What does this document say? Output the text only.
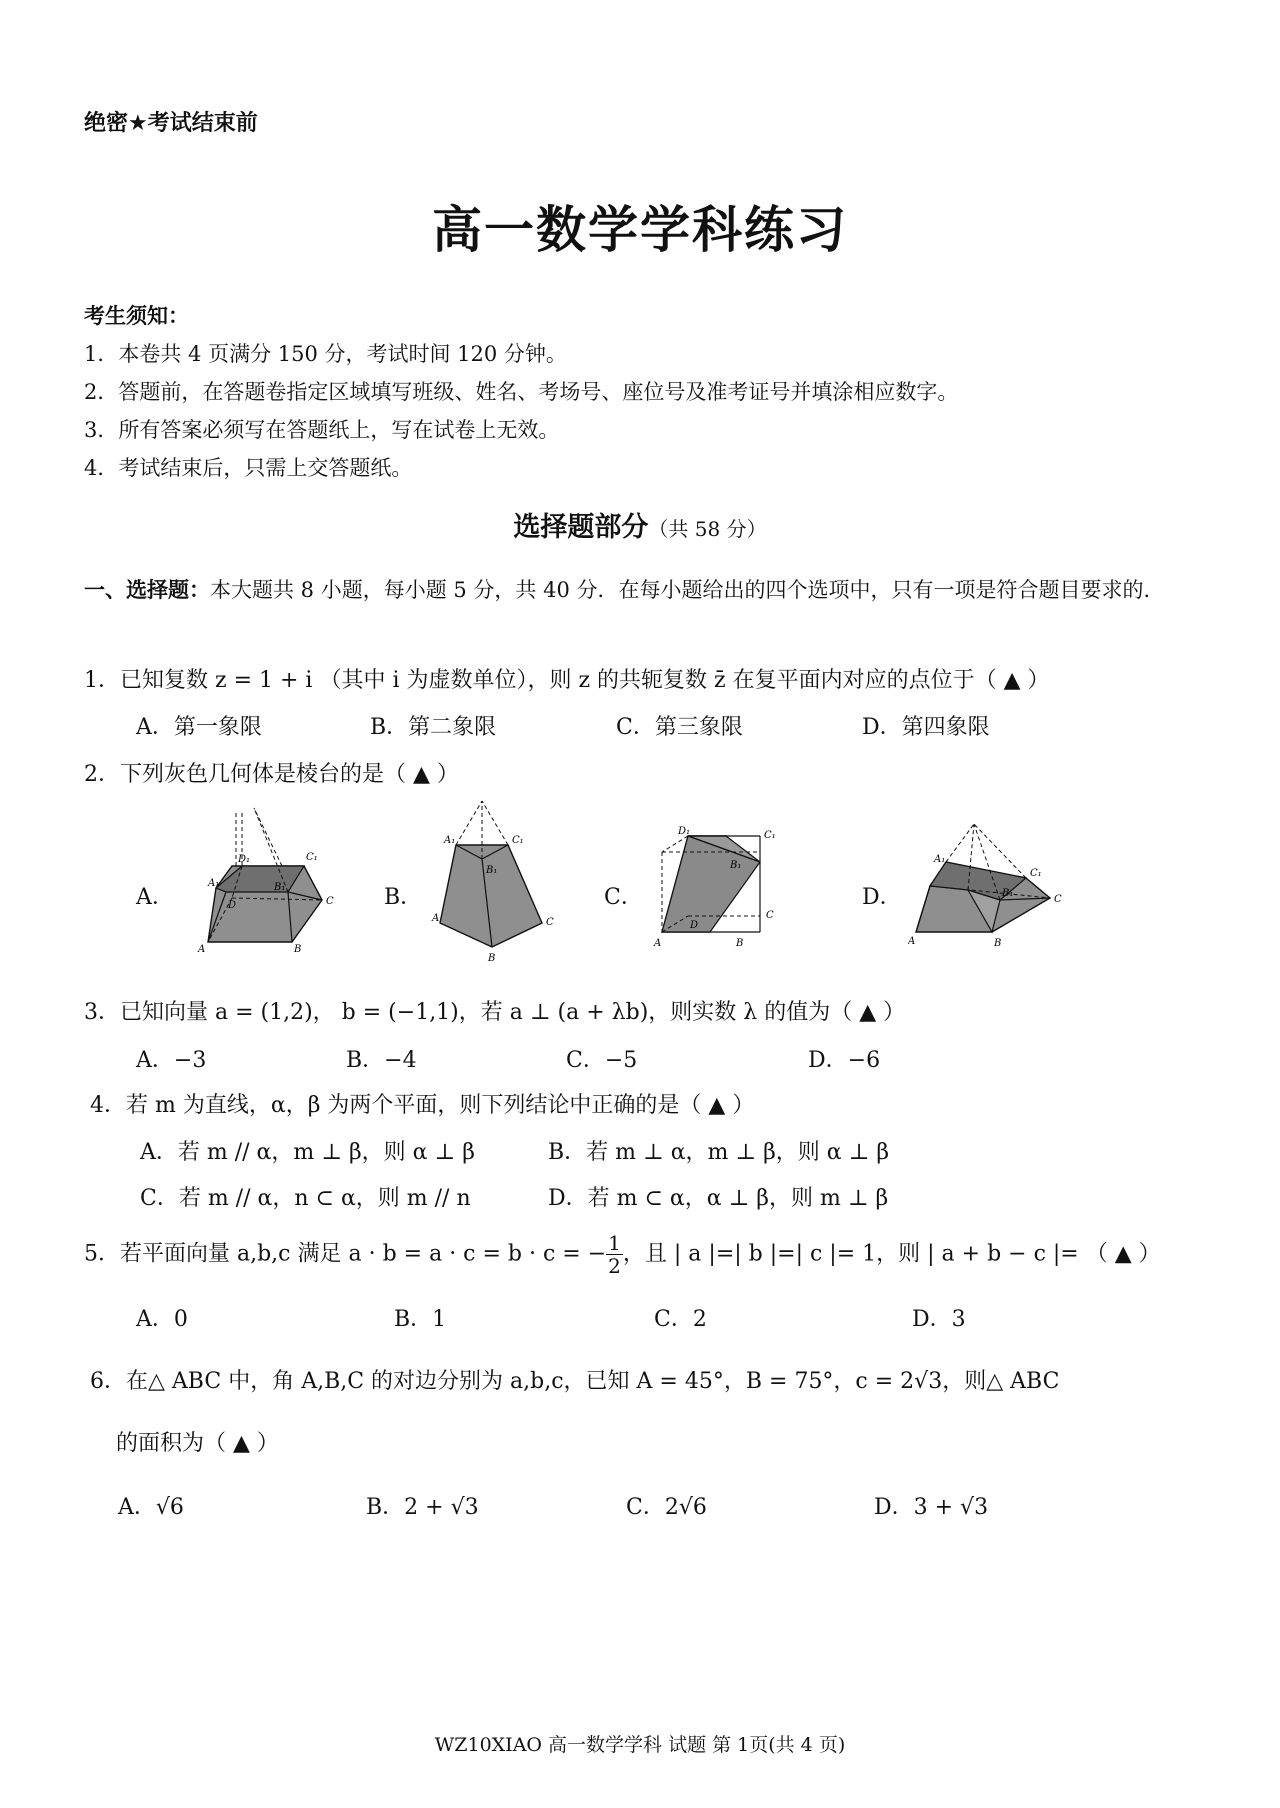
绝密★考试结束前
高一数学学科练习
考生须知：
1．本卷共 4 页满分 150 分，考试时间 120 分钟。
2．答题前，在答题卷指定区域填写班级、姓名、考场号、座位号及准考证号并填涂相应数字。
3．所有答案必须写在答题纸上，写在试卷上无效。
4．考试结束后，只需上交答题纸。
选择题部分（共 58 分）
一、选择题：本大题共 8 小题，每小题 5 分，共 40 分．在每小题给出的四个选项中，只有一项是符合题目要求的．
1．已知复数 z = 1 + i （其中 i 为虚数单位），则 z 的共轭复数 z̄ 在复平面内对应的点位于（ ▲ ）
A．第一象限	B．第二象限	C．第三象限	D．第四象限
2．下列灰色几何体是棱台的是（ ▲ ）
A．	B．	C．	D．
A	B
C
D
A₁	B₁
C₁
D₁
A
B
C
A₁
B₁
C₁
A	B
C
D
B₁
C₁
D₁
A	B
C
A₁
B₁
C₁
3．已知向量 a = (1,2)， b = (−1,1)，若 a ⊥ (a + λb)，则实数 λ 的值为（ ▲ ）
A．−3	B．−4	C．−5	D．−6
4．若 m 为直线，α，β 为两个平面，则下列结论中正确的是（ ▲ ）
A．若 m // α，m ⊥ β，则 α ⊥ β	B．若 m ⊥ α，m ⊥ β，则 α ⊥ β
C．若 m // α，n ⊂ α，则 m // n	D．若 m ⊂ α，α ⊥ β，则 m ⊥ β
5．若平面向量 a,b,c 满足 a · b = a · c = b · c = − $\frac{1}{2}$ ，且 | a |=| b |=| c |= 1，则 | a + b − c |= （ ▲ ）
A．0	B．1	C．2	D．3
6．在△ ABC 中，角 A,B,C 的对边分别为 a,b,c，已知 A = 45°，B = 75°，c = 2√3，则△ ABC
的面积为（ ▲ ）
A．√6	B．2 + √3	C．2√6	D．3 + √3
WZ10XIAO 高一数学学科 试题 第 1页(共 4 页)
